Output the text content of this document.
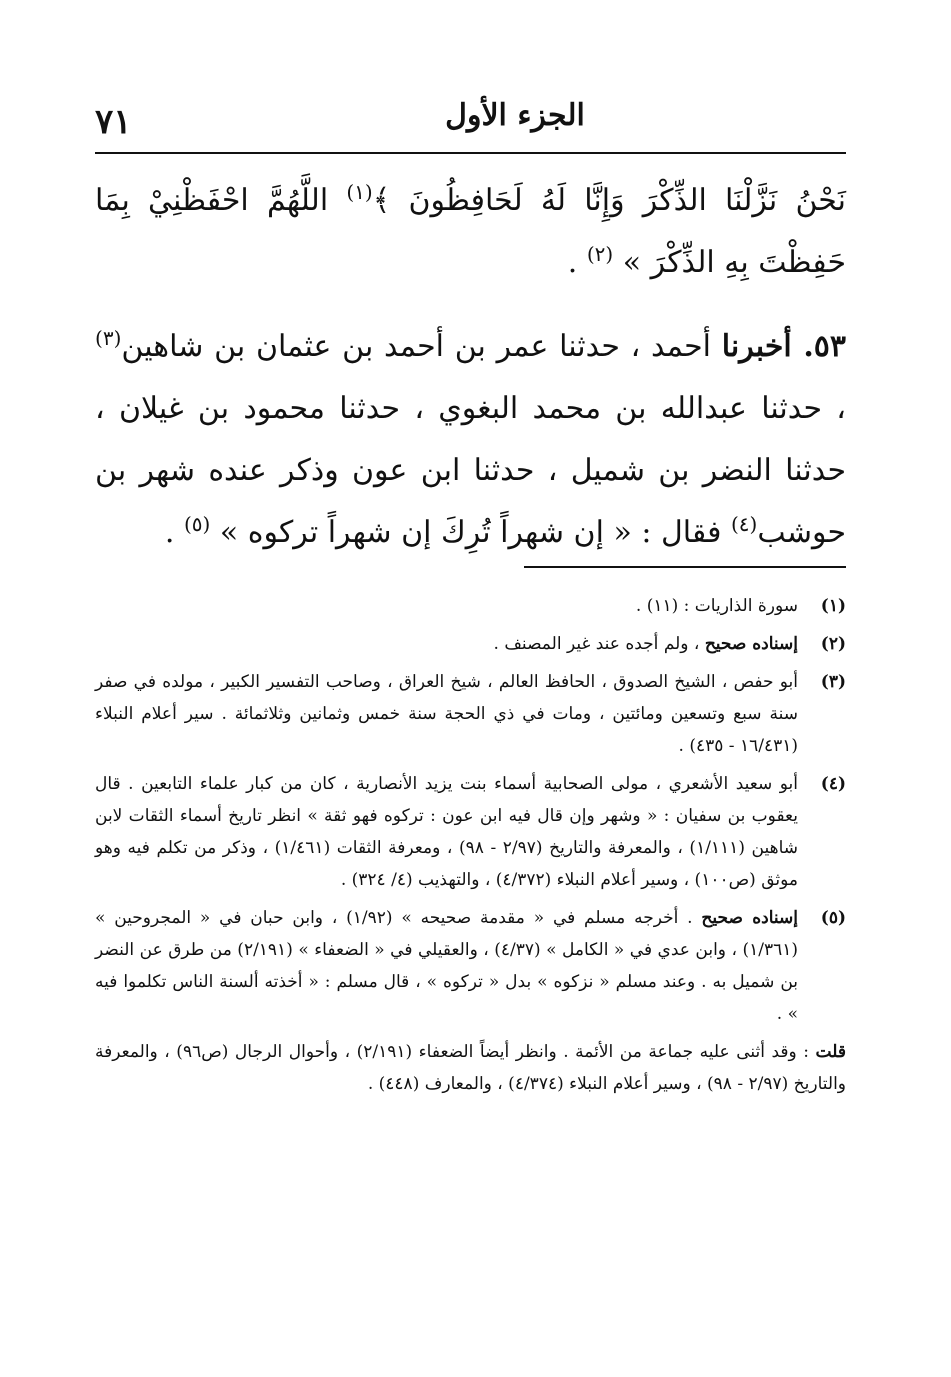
٧١	الجزء الأول

نَحْنُ نَزَّلْنَا الذِّكْرَ وَإِنَّا لَهُ لَحَافِظُونَ ﴾$^{(١)}$ اللَّهُمَّ احْفَظْنِيْ بِمَا حَفِظْتَ بِهِ الذِّكْرَ » $^{(٢)}$ .

٥٣. أخبرنا أحمد ، حدثنا عمر بن أحمد بن عثمان بن شاهين$^{(٣)}$ ، حدثنا عبدالله بن محمد البغوي ، حدثنا محمود بن غيلان ، حدثنا النضر بن شميل ، حدثنا ابن عون وذكر عنده شهر بن حوشب$^{(٤)}$ فقال : « إن شهراً تُرِكَ إن شهراً تركوه » $^{(٥)}$ .

(١)
سورة الذاريات : (١١) .
(٢)
إسناده صحيح ، ولم أجده عند غير المصنف .
(٣)
أبو حفص ، الشيخ الصدوق ، الحافظ العالم ، شيخ العراق ، وصاحب التفسير الكبير ، مولده في صفر سنة سبع وتسعين ومائتين ، ومات في ذي الحجة سنة خمس وثمانين وثلاثمائة . سير أعلام النبلاء (١٦/٤٣١ - ٤٣٥) .
(٤)
أبو سعيد الأشعري ، مولى الصحابية أسماء بنت يزيد الأنصارية ، كان من كبار علماء التابعين . قال يعقوب بن سفيان : « وشهر وإن قال فيه ابن عون : تركوه فهو ثقة » انظر تاريخ أسماء الثقات لابن شاهين (١/١١١) ، والمعرفة والتاريخ (٢/٩٧ - ٩٨) ، ومعرفة الثقات (١/٤٦١) ، وذكر من تكلم فيه وهو موثق (ص١٠٠) ، وسير أعلام النبلاء (٤/٣٧٢) ، والتهذيب (٤/ ٣٢٤) .
(٥)
إسناده صحيح . أخرجه مسلم في « مقدمة صحيحه » (١/٩٢) ، وابن حبان في « المجروحين » (١/٣٦١) ، وابن عدي في « الكامل » (٤/٣٧) ، والعقيلي في « الضعفاء » (٢/١٩١) من طرق عن النضر بن شميل به . وعند مسلم « نزكوه » بدل « تركوه » ، قال مسلم : « أخذته ألسنة الناس تكلموا فيه » .
قلت : وقد أثنى عليه جماعة من الأئمة . وانظر أيضاً الضعفاء (٢/١٩١) ، وأحوال الرجال (ص٩٦) ، والمعرفة والتاريخ (٢/٩٧ - ٩٨) ، وسير أعلام النبلاء (٤/٣٧٤) ، والمعارف (٤٤٨) .
